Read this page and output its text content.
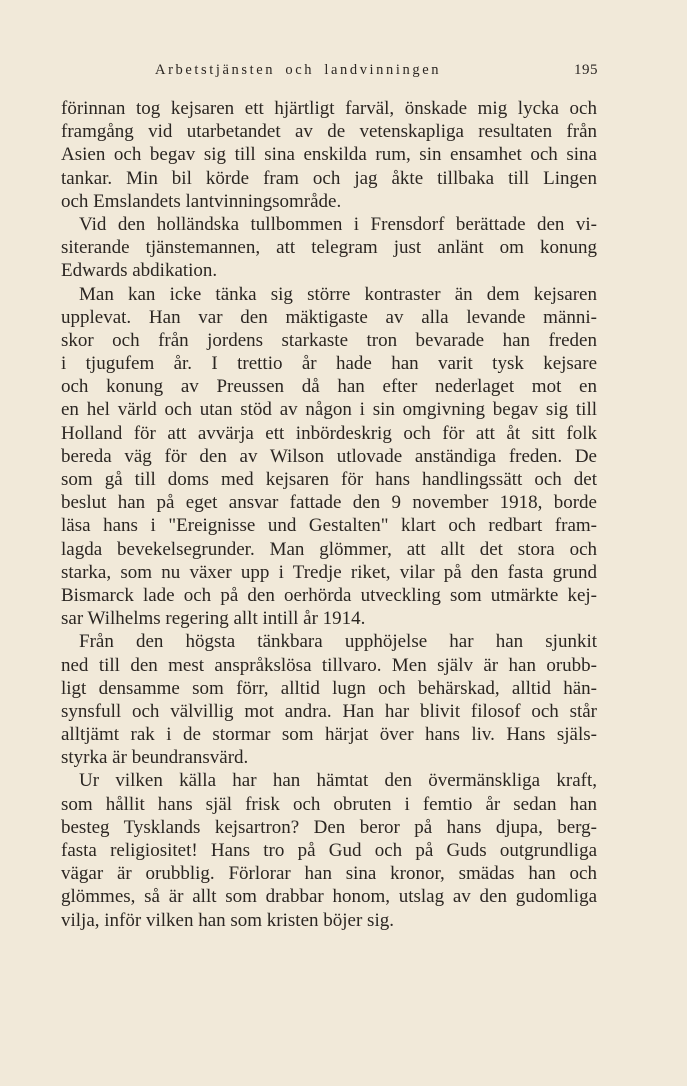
Arbetstjänsten och landvinningen	195
förinnan tog kejsaren ett hjärtligt farväl, önskade mig lycka och
framgång vid utarbetandet av de vetenskapliga resultaten från
Asien och begav sig till sina enskilda rum, sin ensamhet och sina
tankar. Min bil körde fram och jag åkte tillbaka till Lingen
och Emslandets lantvinningsområde.
Vid den holländska tullbommen i Frensdorf berättade den vi-
siterande tjänstemannen, att telegram just anlänt om konung
Edwards abdikation.
Man kan icke tänka sig större kontraster än dem kejsaren
upplevat. Han var den mäktigaste av alla levande männi-
skor och från jordens starkaste tron bevarade han freden
i tjugufem år. I trettio år hade han varit tysk kejsare
och konung av Preussen då han efter nederlaget mot en
en hel värld och utan stöd av någon i sin omgivning begav sig till
Holland för att avvärja ett inbördeskrig och för att åt sitt folk
bereda väg för den av Wilson utlovade anständiga freden. De
som gå till doms med kejsaren för hans handlingssätt och det
beslut han på eget ansvar fattade den 9 november 1918, borde
läsa hans i "Ereignisse und Gestalten" klart och redbart fram-
lagda bevekelsegrunder. Man glömmer, att allt det stora och
starka, som nu växer upp i Tredje riket, vilar på den fasta grund
Bismarck lade och på den oerhörda utveckling som utmärkte kej-
sar Wilhelms regering allt intill år 1914.
Från den högsta tänkbara upphöjelse har han sjunkit
ned till den mest anspråkslösa tillvaro. Men själv är han orubb-
ligt densamme som förr, alltid lugn och behärskad, alltid hän-
synsfull och välvillig mot andra. Han har blivit filosof och står
alltjämt rak i de stormar som härjat över hans liv. Hans själs-
styrka är beundransvärd.
Ur vilken källa har han hämtat den övermänskliga kraft,
som hållit hans själ frisk och obruten i femtio år sedan han
besteg Tysklands kejsartron? Den beror på hans djupa, berg-
fasta religiositet! Hans tro på Gud och på Guds outgrundliga
vägar är orubblig. Förlorar han sina kronor, smädas han och
glömmes, så är allt som drabbar honom, utslag av den gudomliga
vilja, inför vilken han som kristen böjer sig.
